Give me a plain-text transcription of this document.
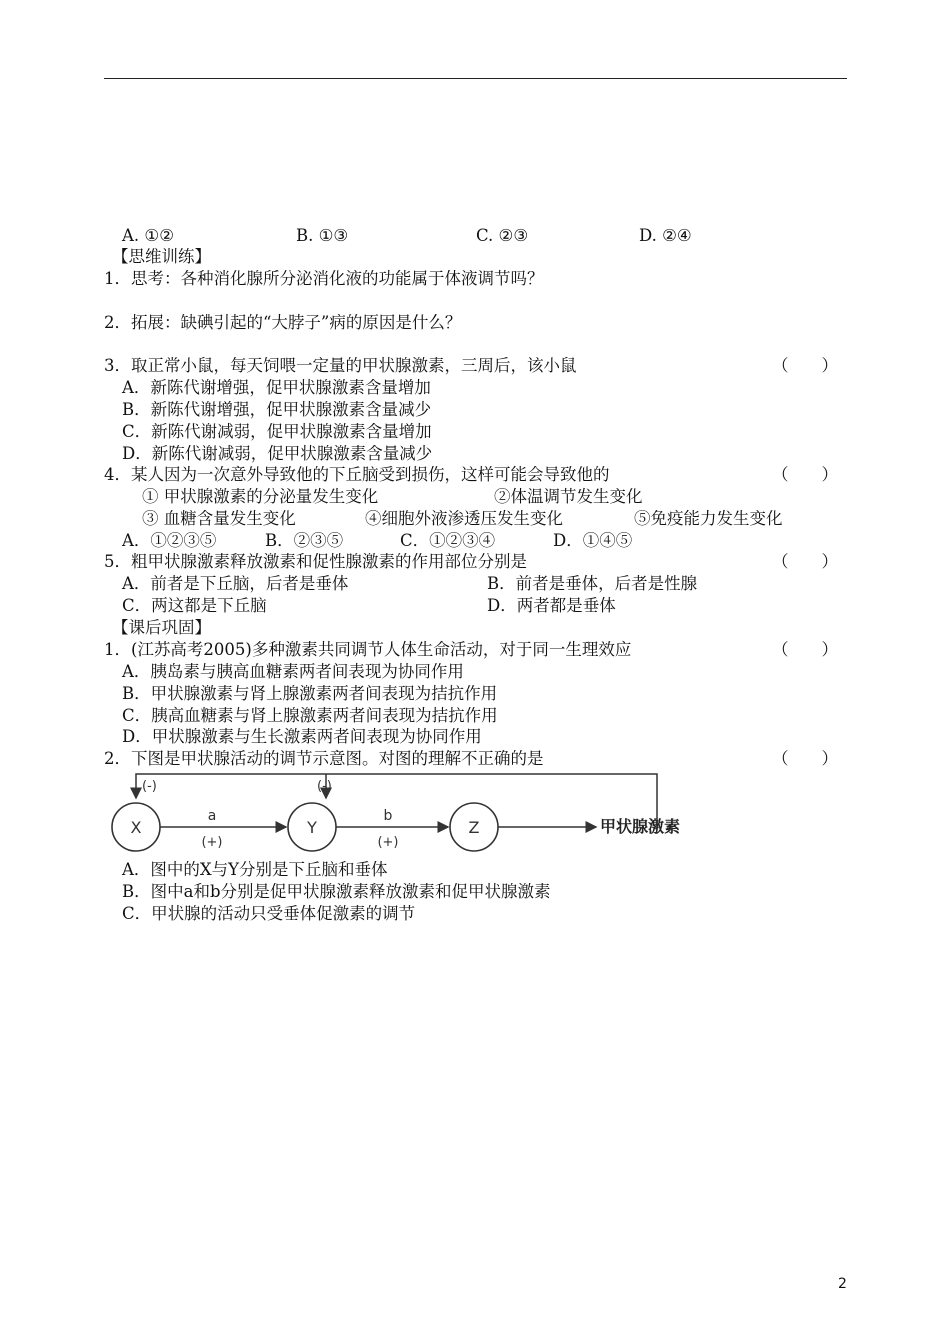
A. ①②	B. ①③	C. ②③	D. ②④
【思维训练】
1．思考：各种消化腺所分泌消化液的功能属于体液调节吗？
2．拓展：缺碘引起的“大脖子”病的原因是什么？
3．取正常小鼠，每天饲喂一定量的甲状腺激素，三周后，该小鼠	（　　）
A．新陈代谢增强，促甲状腺激素含量增加
B．新陈代谢增强，促甲状腺激素含量减少
C．新陈代谢减弱，促甲状腺激素含量增加
D．新陈代谢减弱，促甲状腺激素含量减少
4．某人因为一次意外导致他的下丘脑受到损伤，这样可能会导致他的	（　　）
① 甲状腺激素的分泌量发生变化	②体温调节发生变化
③ 血糖含量发生变化	④细胞外液渗透压发生变化	⑤免疫能力发生变化
A．①②③⑤	B．②③⑤	C．①②③④	D．①④⑤
5．粗甲状腺激素释放激素和促性腺激素的作用部位分别是	（　　）
A．前者是下丘脑，后者是垂体	B．前者是垂体，后者是性腺
C．两这都是下丘脑	D．两者都是垂体
【课后巩固】
1．(江苏高考2005)多种激素共同调节人体生命活动，对于同一生理效应	（　　）
A．胰岛素与胰高血糖素两者间表现为协同作用
B．甲状腺激素与肾上腺激素两者间表现为拮抗作用
C．胰高血糖素与肾上腺激素两者间表现为拮抗作用
D．甲状腺激素与生长激素两者间表现为协同作用
2．下图是甲状腺活动的调节示意图。对图的理解不正确的是	（　　）
(-)	(-)
X	Y	Z
a
(+)
b
(+)
甲状腺激素
A．图中的X与Y分别是下丘脑和垂体
B．图中a和b分别是促甲状腺激素释放激素和促甲状腺激素
C．甲状腺的活动只受垂体促激素的调节
2
